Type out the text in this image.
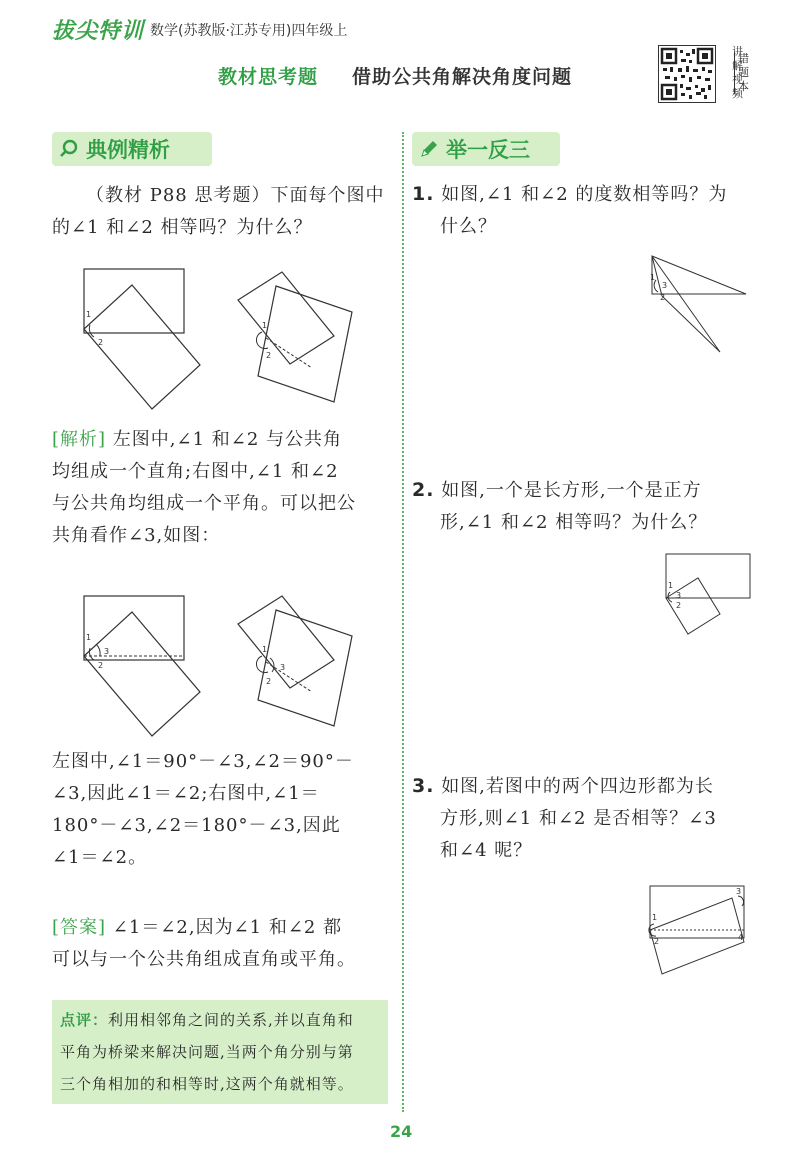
拔尖特训 数学(苏教版·江苏专用)四年级上
教材思考题 借助公共角解决角度问题
讲
解
视
频
错
题
本
典例精析
（教材 P88 思考题）下面每个图中
的∠1 和∠2 相等吗？为什么？
1
2
1
2
[解析] 左图中,∠1 和∠2 与公共角
均组成一个直角;右图中,∠1 和∠2
与公共角均组成一个平角。可以把公
共角看作∠3,如图：
1
3
2
1
3
2
左图中,∠1＝90°－∠3,∠2＝90°－
∠3,因此∠1＝∠2;右图中,∠1＝
180°－∠3,∠2＝180°－∠3,因此
∠1＝∠2。
[答案] ∠1＝∠2,因为∠1 和∠2 都
可以与一个公共角组成直角或平角。
点评：利用相邻角之间的关系,并以直角和
平角为桥梁来解决问题,当两个角分别与第
三个角相加的和相等时,这两个角就相等。
举一反三
1. 如图,∠1 和∠2 的度数相等吗？为
什么？
1
3
2
2. 如图,一个是长方形,一个是正方
形,∠1 和∠2 相等吗？为什么？
1
3
2
3. 如图,若图中的两个四边形都为长
方形,则∠1 和∠2 是否相等？∠3
和∠4 呢？
1
2
3
4
24
